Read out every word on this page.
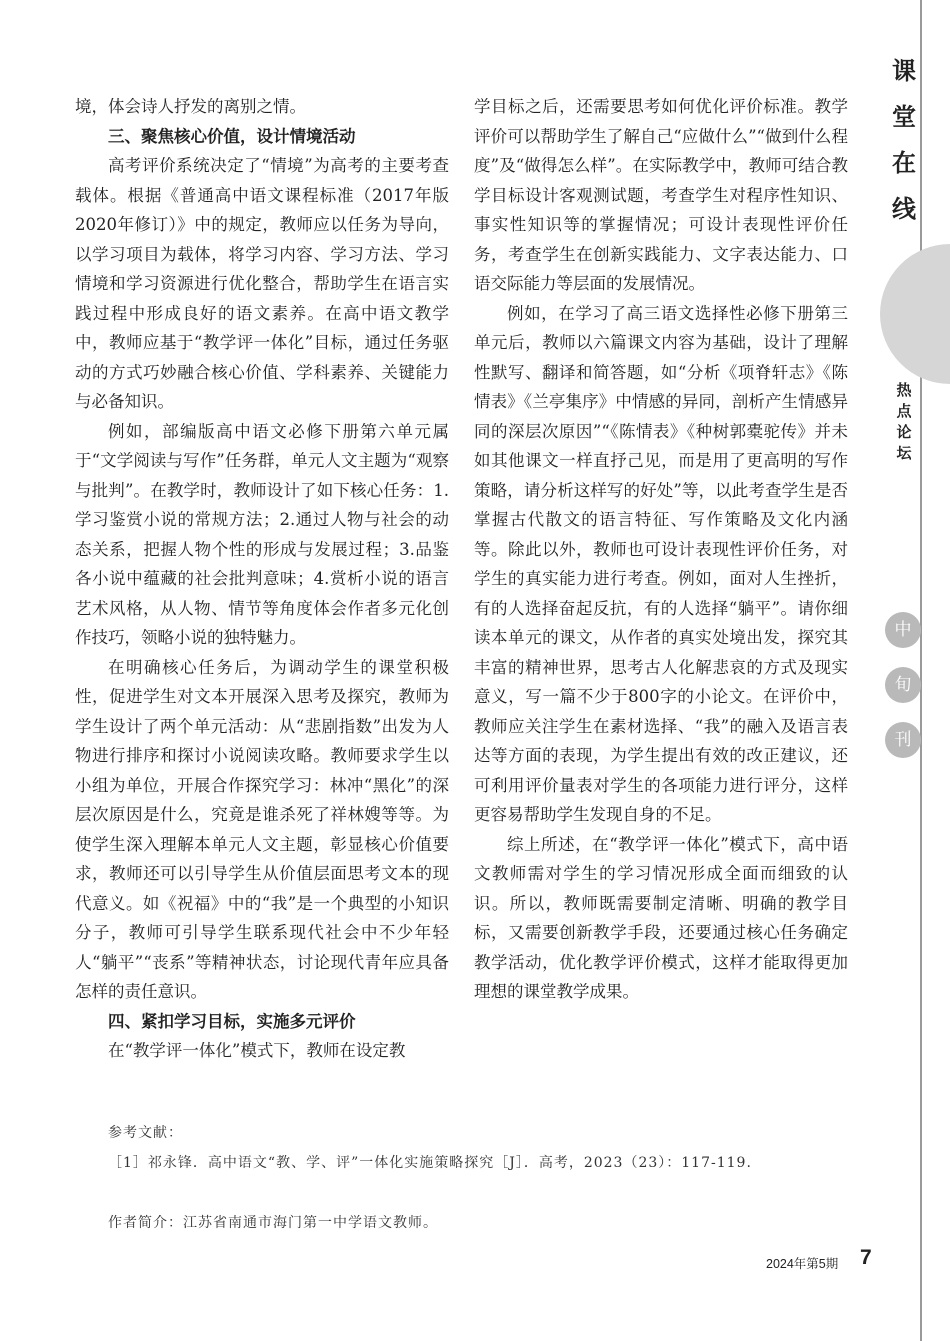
课
堂
在
线
热
点
论
坛
中
旬
刊

境，体会诗人抒发的离别之情。

三、聚焦核心价值，设计情境活动

高考评价系统决定了“情境”为高考的主要考查载体。根据《普通高中语文课程标准（2017年版2020年修订）》中的规定，教师应以任务为导向，以学习项目为载体，将学习内容、学习方法、学习情境和学习资源进行优化整合，帮助学生在语言实践过程中形成良好的语文素养。在高中语文教学中，教师应基于“教学评一体化”目标，通过任务驱动的方式巧妙融合核心价值、学科素养、关键能力与必备知识。

例如，部编版高中语文必修下册第六单元属于“文学阅读与写作”任务群，单元人文主题为“观察与批判”。在教学时，教师设计了如下核心任务：1.学习鉴赏小说的常规方法；2.通过人物与社会的动态关系，把握人物个性的形成与发展过程；3.品鉴各小说中蕴藏的社会批判意味；4.赏析小说的语言艺术风格，从人物、情节等角度体会作者多元化创作技巧，领略小说的独特魅力。

在明确核心任务后，为调动学生的课堂积极性，促进学生对文本开展深入思考及探究，教师为学生设计了两个单元活动：从“悲剧指数”出发为人物进行排序和探讨小说阅读攻略。教师要求学生以小组为单位，开展合作探究学习：林冲“黑化”的深层次原因是什么，究竟是谁杀死了祥林嫂等等。为使学生深入理解本单元人文主题，彰显核心价值要求，教师还可以引导学生从价值层面思考文本的现代意义。如《祝福》中的“我”是一个典型的小知识分子，教师可引导学生联系现代社会中不少年轻人“躺平”“丧系”等精神状态，讨论现代青年应具备怎样的责任意识。

四、紧扣学习目标，实施多元评价

在“教学评一体化”模式下，教师在设定教

学目标之后，还需要思考如何优化评价标准。教学评价可以帮助学生了解自己“应做什么”“做到什么程度”及“做得怎么样”。在实际教学中，教师可结合教学目标设计客观测试题，考查学生对程序性知识、事实性知识等的掌握情况；可设计表现性评价任务，考查学生在创新实践能力、文字表达能力、口语交际能力等层面的发展情况。

例如，在学习了高三语文选择性必修下册第三单元后，教师以六篇课文内容为基础，设计了理解性默写、翻译和简答题，如“分析《项脊轩志》《陈情表》《兰亭集序》中情感的异同，剖析产生情感异同的深层次原因”“《陈情表》《种树郭橐驼传》并未如其他课文一样直抒己见，而是用了更高明的写作策略，请分析这样写的好处”等，以此考查学生是否掌握古代散文的语言特征、写作策略及文化内涵等。除此以外，教师也可设计表现性评价任务，对学生的真实能力进行考查。例如，面对人生挫折，有的人选择奋起反抗，有的人选择“躺平”。请你细读本单元的课文，从作者的真实处境出发，探究其丰富的精神世界，思考古人化解悲哀的方式及现实意义，写一篇不少于800字的小论文。在评价中，教师应关注学生在素材选择、“我”的融入及语言表达等方面的表现，为学生提出有效的改正建议，还可利用评价量表对学生的各项能力进行评分，这样更容易帮助学生发现自身的不足。

综上所述，在“教学评一体化”模式下，高中语文教师需对学生的学习情况形成全面而细致的认识。所以，教师既需要制定清晰、明确的教学目标，又需要创新教学手段，还要通过核心任务确定教学活动，优化教学评价模式，这样才能取得更加理想的课堂教学成果。

参考文献：
［1］祁永锋．高中语文“教、学、评”一体化实施策略探究［J］．高考，2023（23）：117-119.
作者简介：江苏省南通市海门第一中学语文教师。
2024年第5期 7
